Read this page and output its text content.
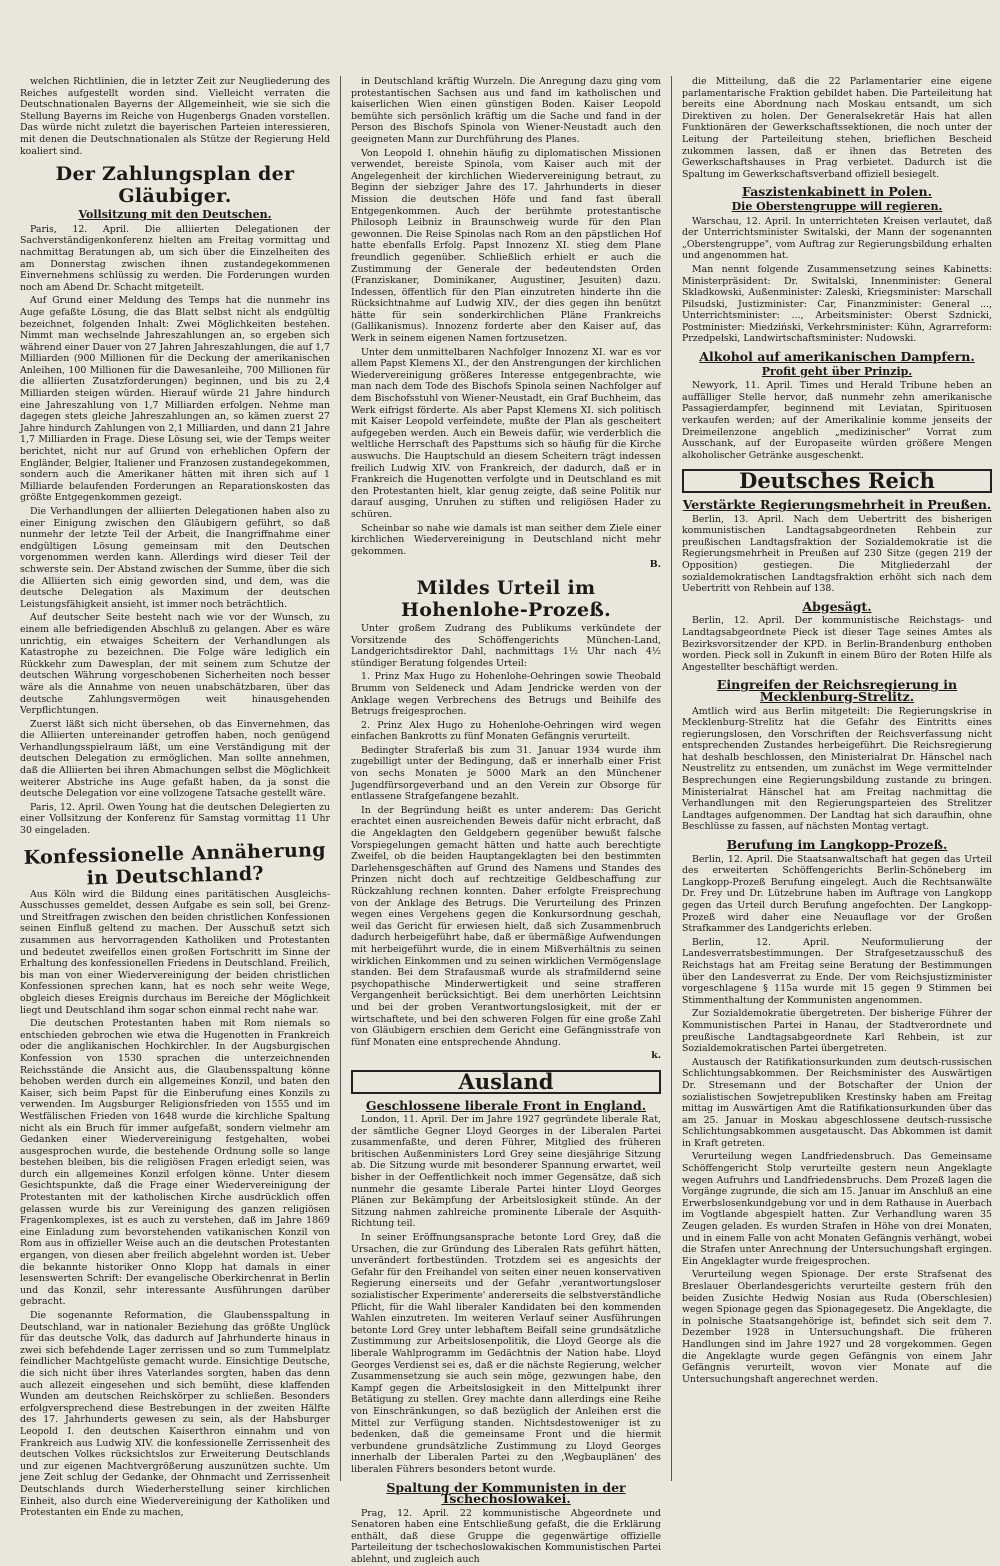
welchen Richtlinien, die in letzter Zeit zur Neugliederung des Reiches aufgestellt worden sind. Vielleicht verraten die Deutschnationalen Bayerns der Allgemeinheit, wie sie sich die Stellung Bayerns im Reiche von Hugenbergs Gnaden vorstellen. Das würde nicht zuletzt die bayerischen Parteien interessieren, mit denen die Deutschnationalen als Stütze der Regierung Held koaliert sind.

Der Zahlungsplan der Gläubiger.
Vollsitzung mit den Deutschen.

Paris, 12. April. Die alliierten Delegationen der Sachverständigenkonferenz hielten am Freitag vormittag und nachmittag Beratungen ab, um sich über die Einzelheiten des am Donnerstag zwischen ihnen zustandegekommenen Einvernehmens schlüssig zu werden. Die Forderungen wurden noch am Abend Dr. Schacht mitgeteilt.

Auf Grund einer Meldung des Temps hat die nunmehr ins Auge gefaßte Lösung, die das Blatt selbst nicht als endgültig bezeichnet, folgenden Inhalt: Zwei Möglichkeiten bestehen. Nimmt man wechselnde Jahreszahlungen an, so ergeben sich während einer Dauer von 27 Jahren Jahreszahlungen, die auf 1,7 Milliarden (900 Millionen für die Deckung der amerikanischen Anleihen, 100 Millionen für die Dawesanleihe, 700 Millionen für die alliierten Zusatzforderungen) beginnen, und bis zu 2,4 Milliarden steigen würden. Hierauf würde 21 Jahre hindurch eine Jahreszahlung von 1,7 Milliarden erfolgen. Nehme man dagegen stets gleiche Jahreszahlungen an, so kämen zuerst 27 Jahre hindurch Zahlungen von 2,1 Milliarden, und dann 21 Jahre 1,7 Milliarden in Frage. Diese Lösung sei, wie der Temps weiter berichtet, nicht nur auf Grund von erheblichen Opfern der Engländer, Belgier, Italiener und Franzosen zustandegekommen, sondern auch die Amerikaner hätten mit ihren sich auf 1 Milliarde belaufenden Forderungen an Reparationskosten das größte Entgegenkommen gezeigt.

Die Verhandlungen der alliierten Delegationen haben also zu einer Einigung zwischen den Gläubigern geführt, so daß nunmehr der letzte Teil der Arbeit, die Inangriffnahme einer endgültigen Lösung gemeinsam mit den Deutschen vorgenommen werden kann. Allerdings wird dieser Teil der schwerste sein. Der Abstand zwischen der Summe, über die sich die Alliierten sich einig geworden sind, und dem, was die deutsche Delegation als Maximum der deutschen Leistungsfähigkeit ansieht, ist immer noch beträchtlich.

Auf deutscher Seite besteht nach wie vor der Wunsch, zu einem alle befriedigenden Abschluß zu gelangen. Aber es wäre unrichtig, ein etwaiges Scheitern der Verhandlungen als Katastrophe zu bezeichnen. Die Folge wäre lediglich ein Rückkehr zum Dawesplan, der mit seinem zum Schutze der deutschen Währung vorgeschobenen Sicherheiten noch besser wäre als die Annahme von neuen unabschätzbaren, über das deutsche Zahlungsvermögen weit hinausgehenden Verpflichtungen.

Zuerst läßt sich nicht übersehen, ob das Einvernehmen, das die Alliierten untereinander getroffen haben, noch genügend Verhandlungsspielraum läßt, um eine Verständigung mit der deutschen Delegation zu ermöglichen. Man sollte annehmen, daß die Alliierten bei ihren Abmachungen selbst die Möglichkeit weiterer Abstriche ins Auge gefaßt haben, da ja sonst die deutsche Delegation vor eine vollzogene Tatsache gestellt wäre.

Paris, 12. April. Owen Young hat die deutschen Delegierten zu einer Vollsitzung der Konferenz für Samstag vormittag 11 Uhr 30 eingeladen.

Konfessionelle Annäherung in Deutschland?

Aus Köln wird die Bildung eines paritätischen Ausgleichs-Ausschusses gemeldet, dessen Aufgabe es sein soll, bei Grenz- und Streitfragen zwischen den beiden christlichen Konfessionen seinen Einfluß geltend zu machen. Der Ausschuß setzt sich zusammen aus hervorragenden Katholiken und Protestanten und bedeutet zweifellos einen großen Fortschritt im Sinne der Erhaltung des konfessionellen Friedens in Deutschland. Freilich, bis man von einer Wiedervereinigung der beiden christlichen Konfessionen sprechen kann, hat es noch sehr weite Wege, obgleich dieses Ereignis durchaus im Bereiche der Möglichkeit liegt und Deutschland ihm sogar schon einmal recht nahe war.

Die deutschen Protestanten haben mit Rom niemals so entschieden gebrochen wie etwa die Hugenotten in Frankreich oder die anglikanischen Hochkirchler. In der Augsburgischen Konfession von 1530 sprachen die unterzeichnenden Reichsstände die Ansicht aus, die Glaubensspaltung könne behoben werden durch ein allgemeines Konzil, und baten den Kaiser, sich beim Papst für die Einberufung eines Konzils zu verwenden. Im Augsburger Religionsfrieden von 1555 und im Westfälischen Frieden von 1648 wurde die kirchliche Spaltung nicht als ein Bruch für immer aufgefaßt, sondern vielmehr am Gedanken einer Wiedervereinigung festgehalten, wobei ausgesprochen wurde, die bestehende Ordnung solle so lange bestehen bleiben, bis die religiösen Fragen erledigt seien, was durch ein allgemeines Konzil erfolgen könne. Unter diesem Gesichtspunkte, daß die Frage einer Wiedervereinigung der Protestanten mit der katholischen Kirche ausdrücklich offen gelassen wurde bis zur Vereinigung des ganzen religiösen Fragenkomplexes, ist es auch zu verstehen, daß im Jahre 1869 eine Einladung zum bevorstehenden vatikanischen Konzil von Rom aus in offizieller Weise auch an die deutschen Protestanten ergangen, von diesen aber freilich abgelehnt worden ist. Ueber die bekannte historiker Onno Klopp hat damals in einer lesenswerten Schrift: Der evangelische Oberkirchenrat in Berlin und das Konzil, sehr interessante Ausführungen darüber gebracht.

Die sogenannte Reformation, die Glaubensspaltung in Deutschland, war in nationaler Beziehung das größte Unglück für das deutsche Volk, das dadurch auf Jahrhunderte hinaus in zwei sich befehdende Lager zerrissen und so zum Tummelplatz feindlicher Machtgelüste gemacht wurde. Einsichtige Deutsche, die sich nicht über ihres Vaterlandes sorgten, haben das denn auch allezeit eingesehen und sich bemüht, diese klaffenden Wunden am deutschen Reichskörper zu schließen. Besonders erfolgversprechend diese Bestrebungen in der zweiten Hälfte des 17. Jahrhunderts gewesen zu sein, als der Habsburger Leopold I. den deutschen Kaiserthron einnahm und von Frankreich aus Ludwig XIV. die konfessionelle Zerrissenheit des deutschen Volkes rücksichtslos zur Erweiterung Deutschlands und zur eigenen Machtvergrößerung auszunützen suchte. Um jene Zeit schlug der Gedanke, der Ohnmacht und Zerrissenheit Deutschlands durch Wiederherstellung seiner kirchlichen Einheit, also durch eine Wiedervereinigung der Katholiken und Protestanten ein Ende zu machen,

in Deutschland kräftig Wurzeln. Die Anregung dazu ging vom protestantischen Sachsen aus und fand im katholischen und kaiserlichen Wien einen günstigen Boden. Kaiser Leopold bemühte sich persönlich kräftig um die Sache und fand in der Person des Bischofs Spinola von Wiener-Neustadt auch den geeigneten Mann zur Durchführung des Planes.

Von Leopold I. ohnehin häufig zu diplomatischen Missionen verwendet, bereiste Spinola, vom Kaiser auch mit der Angelegenheit der kirchlichen Wiedervereinigung betraut, zu Beginn der siebziger Jahre des 17. Jahrhunderts in dieser Mission die deutschen Höfe und fand fast überall Entgegenkommen. Auch der berühmte protestantische Philosoph Leibniz in Braunschweig wurde für den Plan gewonnen. Die Reise Spinolas nach Rom an den päpstlichen Hof hatte ebenfalls Erfolg. Papst Innozenz XI. stieg dem Plane freundlich gegenüber. Schließlich erhielt er auch die Zustimmung der Generale der bedeutendsten Orden (Franziskaner, Dominikaner, Augustiner, Jesuiten) dazu. Indessen, öffentlich für den Plan einzutreten hinderte ihn die Rücksichtnahme auf Ludwig XIV., der dies gegen ihn benützt hätte für sein sonderkirchlichen Pläne Frankreichs (Gallikanismus). Innozenz forderte aber den Kaiser auf, das Werk in seinem eigenen Namen fortzusetzen.

Unter dem unmittelbaren Nachfolger Innozenz XI. war es vor allem Papst Klemens XI., der den Anstrengungen der kirchlichen Wiedervereinigung größeres Interesse entgegenbrachte, wie man nach dem Tode des Bischofs Spinola seinen Nachfolger auf dem Bischofsstuhl von Wiener-Neustadt, ein Graf Buchheim, das Werk eifrigst förderte. Als aber Papst Klemens XI. sich politisch mit Kaiser Leopold verfeindete, mußte der Plan als gescheitert aufgegeben werden. Auch ein Beweis dafür, wie verderblich die weltliche Herrschaft des Papsttums sich so häufig für die Kirche auswuchs. Die Hauptschuld an diesem Scheitern trägt indessen freilich Ludwig XIV. von Frankreich, der dadurch, daß er in Frankreich die Hugenotten verfolgte und in Deutschland es mit den Protestanten hielt, klar genug zeigte, daß seine Politik nur darauf ausging, Unruhen zu stiften und religiösen Hader zu schüren.

Scheinbar so nahe wie damals ist man seither dem Ziele einer kirchlichen Wiedervereinigung in Deutschland nicht mehr gekommen.

B.

Mildes Urteil im Hohenlohe-Prozeß.

Unter großem Zudrang des Publikums verkündete der Vorsitzende des Schöffengerichts München-Land, Landgerichtsdirektor Dahl, nachmittags 1½ Uhr nach 4½ stündiger Beratung folgendes Urteil:

1. Prinz Max Hugo zu Hohenlohe-Oehringen sowie Theobald Brumm von Seldeneck und Adam Jendricke werden von der Anklage wegen Verbrechens des Betrugs und Beihilfe des Betrugs freigesprochen.

2. Prinz Alex Hugo zu Hohenlohe-Oehringen wird wegen einfachen Bankrotts zu fünf Monaten Gefängnis verurteilt.

Bedingter Straferlaß bis zum 31. Januar 1934 wurde ihm zugebilligt unter der Bedingung, daß er innerhalb einer Frist von sechs Monaten je 5000 Mark an den Münchener Jugendfürsorgeverband und an den Verein zur Obsorge für entlassene Strafgefangene bezahlt.

In der Begründung heißt es unter anderem: Das Gericht erachtet einen ausreichenden Beweis dafür nicht erbracht, daß die Angeklagten den Geldgebern gegenüber bewußt falsche Vorspiegelungen gemacht hätten und hatte auch berechtigte Zweifel, ob die beiden Hauptangeklagten bei den bestimmten Darlehensgeschäften auf Grund des Namens und Standes des Prinzen nicht doch auf rechtzeitige Geldbeschaffung zur Rückzahlung rechnen konnten. Daher erfolgte Freisprechung von der Anklage des Betrugs. Die Verurteilung des Prinzen wegen eines Vergehens gegen die Konkursordnung geschah, weil das Gericht für erwiesen hielt, daß sich Zusammenbruch dadurch herbeigeführt habe, daß er übermäßige Aufwendungen mit herbeigeführt wurde, die in einem Mißverhältnis zu seinen wirklichen Einkommen und zu seinen wirklichen Vermögenslage standen. Bei dem Strafausmaß wurde als strafmildernd seine psychopathische Minderwertigkeit und seine strafferen Vergangenheit berücksichtigt. Bei dem unerhörten Leichtsinn und bei der groben Verantwortungslosigkeit, mit der er wirtschaftete, und bei den schweren Folgen für eine große Zahl von Gläubigern erschien dem Gericht eine Gefängnisstrafe von fünf Monaten eine entsprechende Ahndung.

k.

Ausland
Geschlossene liberale Front in England.

London, 11. April. Der im Jahre 1927 gegründete liberale Rat, der sämtliche Gegner Lloyd Georges in der Liberalen Partei zusammenfaßte, und deren Führer, Mitglied des früheren britischen Außenministers Lord Grey seine diesjährige Sitzung ab. Die Sitzung wurde mit besonderer Spannung erwartet, weil bisher in der Oeffentlichkeit noch immer Gegensätze, daß sich nunmehr die gesamte Liberale Partei hinter Lloyd Georges Plänen zur Bekämpfung der Arbeitslosigkeit stünde. An der Sitzung nahmen zahlreiche prominente Liberale der Asquith-Richtung teil.

In seiner Eröffnungsansprache betonte Lord Grey, daß die Ursachen, die zur Gründung des Liberalen Rats geführt hätten, unverändert fortbestünden. Trotzdem sei es angesichts der Gefahr für den Freihandel von seiten einer neuen konservativen Regierung einerseits und der Gefahr ‚verantwortungsloser sozialistischer Experimente' andererseits die selbstverständliche Pflicht, für die Wahl liberaler Kandidaten bei den kommenden Wahlen einzutreten. Im weiteren Verlauf seiner Ausführungen betonte Lord Grey unter lebhaftem Beifall seine grundsätzliche Zustimmung zur Arbeitslosenpolitik, die Lloyd George als die liberale Wahlprogramm im Gedächtnis der Nation habe. Lloyd Georges Verdienst sei es, daß er die nächste Regierung, welcher Zusammensetzung sie auch sein möge, gezwungen habe, den Kampf gegen die Arbeitslosigkeit in den Mittelpunkt ihrer Betätigung zu stellen. Grey machte dann allerdings eine Reihe von Einschränkungen, so daß bezüglich der Anleihen erst die Mittel zur Verfügung standen. Nichtsdestoweniger ist zu bedenken, daß die gemeinsame Front und die hiermit verbundene grundsätzliche Zustimmung zu Lloyd Georges innerhalb der Liberalen Partei zu den ‚Wegbauplänen' des liberalen Führers besonders betont wurde.

Spaltung der Kommunisten in der Tschechoslowakei.

Prag, 12. April. 22 kommunistische Abgeordnete und Senatoren haben eine Entschließung gefaßt, die die Erklärung enthält, daß diese Gruppe die gegenwärtige offizielle Parteileitung der tschechoslowakischen Kommunistischen Partei ablehnt, und zugleich auch

die Mitteilung, daß die 22 Parlamentarier eine eigene parlamentarische Fraktion gebildet haben. Die Parteileitung hat bereits eine Abordnung nach Moskau entsandt, um sich Direktiven zu holen. Der Generalsekretär Hais hat allen Funktionären der Gewerkschaftssektionen, die noch unter der Leitung der Parteileitung stehen, brieflichen Bescheid zukommen lassen, daß er ihnen das Betreten des Gewerkschaftshauses in Prag verbietet. Dadurch ist die Spaltung im Gewerkschaftsverband offiziell besiegelt.

Faszistenkabinett in Polen.
Die Oberstengruppe will regieren.

Warschau, 12. April. In unterrichteten Kreisen verlautet, daß der Unterrichtsminister Switalski, der Mann der sogenannten „Oberstengruppe", vom Auftrag zur Regierungsbildung erhalten und angenommen hat.

Man nennt folgende Zusammensetzung seines Kabinetts: Ministerpräsident: Dr. Switalski, Innenminister: General Skladkowski, Außenminister: Zaleski, Kriegsminister: Marschall Pilsudski, Justizminister: Car, Finanzminister: General ..., Unterrichtsminister: ..., Arbeitsminister: Oberst Szdnicki, Postminister: Miedziński, Verkehrsminister: Kühn, Agrarreform: Przedpełski, Landwirtschaftsminister: Nudowski.

Alkohol auf amerikanischen Dampfern.
Profit geht über Prinzip.

Newyork, 11. April. Times und Herald Tribune heben an auffälliger Stelle hervor, daß nunmehr zehn amerikanische Passagierdampfer, beginnend mit Leviatan, Spirituosen verkaufen werden; auf der Amerikalinie komme jenseits der Dreimeilenzone angeblich „medizinischer" Vorrat zum Ausschank, auf der Europaseite würden größere Mengen alkoholischer Getränke ausgeschenkt.

Deutsches Reich
Verstärkte Regierungsmehrheit in Preußen.

Berlin, 13. April. Nach dem Uebertritt des bisherigen kommunistischen Landtagsabgeordneten Rehbein zur preußischen Landtagsfraktion der Sozialdemokratie ist die Regierungsmehrheit in Preußen auf 230 Sitze (gegen 219 der Opposition) gestiegen. Die Mitgliederzahl der sozialdemokratischen Landtagsfraktion erhöht sich nach dem Uebertritt von Rehbein auf 138.

Abgesägt.

Berlin, 12. April. Der kommunistische Reichstags- und Landtagsabgeordnete Pieck ist dieser Tage seines Amtes als Bezirksvorsitzender der KPD. in Berlin-Brandenburg enthoben worden. Pieck soll in Zukunft in einem Büro der Roten Hilfe als Angestellter beschäftigt werden.

Eingreifen der Reichsregierung in Mecklenburg-Strelitz.

Amtlich wird aus Berlin mitgeteilt: Die Regierungskrise in Mecklenburg-Strelitz hat die Gefahr des Eintritts eines regierungslosen, den Vorschriften der Reichsverfassung nicht entsprechenden Zustandes herbeigeführt. Die Reichsregierung hat deshalb beschlossen, den Ministerialrat Dr. Hänschel nach Neustrelitz zu entsenden, um zunächst im Wege vermittelnder Besprechungen eine Regierungsbildung zustande zu bringen. Ministerialrat Hänschel hat am Freitag nachmittag die Verhandlungen mit den Regierungsparteien des Strelitzer Landtages aufgenommen. Der Landtag hat sich daraufhin, ohne Beschlüsse zu fassen, auf nächsten Montag vertagt.

Berufung im Langkopp-Prozeß.

Berlin, 12. April. Die Staatsanwaltschaft hat gegen das Urteil des erweiterten Schöffengerichts Berlin-Schöneberg im Langkopp-Prozeß Berufung eingelegt. Auch die Rechtsanwälte Dr. Frey und Dr. Lützebrune haben im Auftrage von Langkopp gegen das Urteil durch Berufung angefochten. Der Langkopp-Prozeß wird daher eine Neuauflage vor der Großen Strafkammer des Landgerichts erleben.

Berlin, 12. April. Neuformulierung der Landesverratsbestimmungen. Der Strafgesetzausschuß des Reichstags hat am Freitag seine Beratung der Bestimmungen über den Landesverrat zu Ende. Der vom Reichsjustizminister vorgeschlagene § 115a wurde mit 15 gegen 9 Stimmen bei Stimmenthaltung der Kommunisten angenommen.

Zur Sozialdemokratie übergetreten. Der bisherige Führer der Kommunistischen Partei in Hanau, der Stadtverordnete und preußische Landtagsabgeordnete Karl Rehbein, ist zur Sozialdemokratischen Partei übergetreten.

Austausch der Ratifikationsurkunden zum deutsch-russischen Schlichtungsabkommen. Der Reichsminister des Auswärtigen Dr. Stresemann und der Botschafter der Union der sozialistischen Sowjetrepubliken Krestinsky haben am Freitag mittag im Auswärtigen Amt die Ratifikationsurkunden über das am 25. Januar in Moskau abgeschlossene deutsch-russische Schlichtungsabkommen ausgetauscht. Das Abkommen ist damit in Kraft getreten.

Verurteilung wegen Landfriedensbruch. Das Gemeinsame Schöffengericht Stolp verurteilte gestern neun Angeklagte wegen Aufruhrs und Landfriedensbruchs. Dem Prozeß lagen die Vorgänge zugrunde, die sich am 15. Januar im Anschluß an eine Erwerbslosenkundgebung vor und in dem Rathause in Auerbach im Vogtlande abgespielt hatten. Zur Verhandlung waren 35 Zeugen geladen. Es wurden Strafen in Höhe von drei Monaten, und in einem Falle von acht Monaten Gefängnis verhängt, wobei die Strafen unter Anrechnung der Untersuchungshaft ergingen. Ein Angeklagter wurde freigesprochen.

Verurteilung wegen Spionage. Der erste Strafsenat des Breslauer Oberlandesgerichts verurteilte gestern früh den beiden Zusichte Hedwig Nosian aus Ruda (Oberschlesien) wegen Spionage gegen das Spionagegesetz. Die Angeklagte, die in polnische Staatsangehörige ist, befindet sich seit dem 7. Dezember 1928 in Untersuchungshaft. Die früheren Handlungen sind im Jahre 1927 und 28 vorgekommen. Gegen die Angeklagte wurde gegen Gefängnis von einem Jahr Gefängnis verurteilt, wovon vier Monate auf die Untersuchungshaft angerechnet werden.
